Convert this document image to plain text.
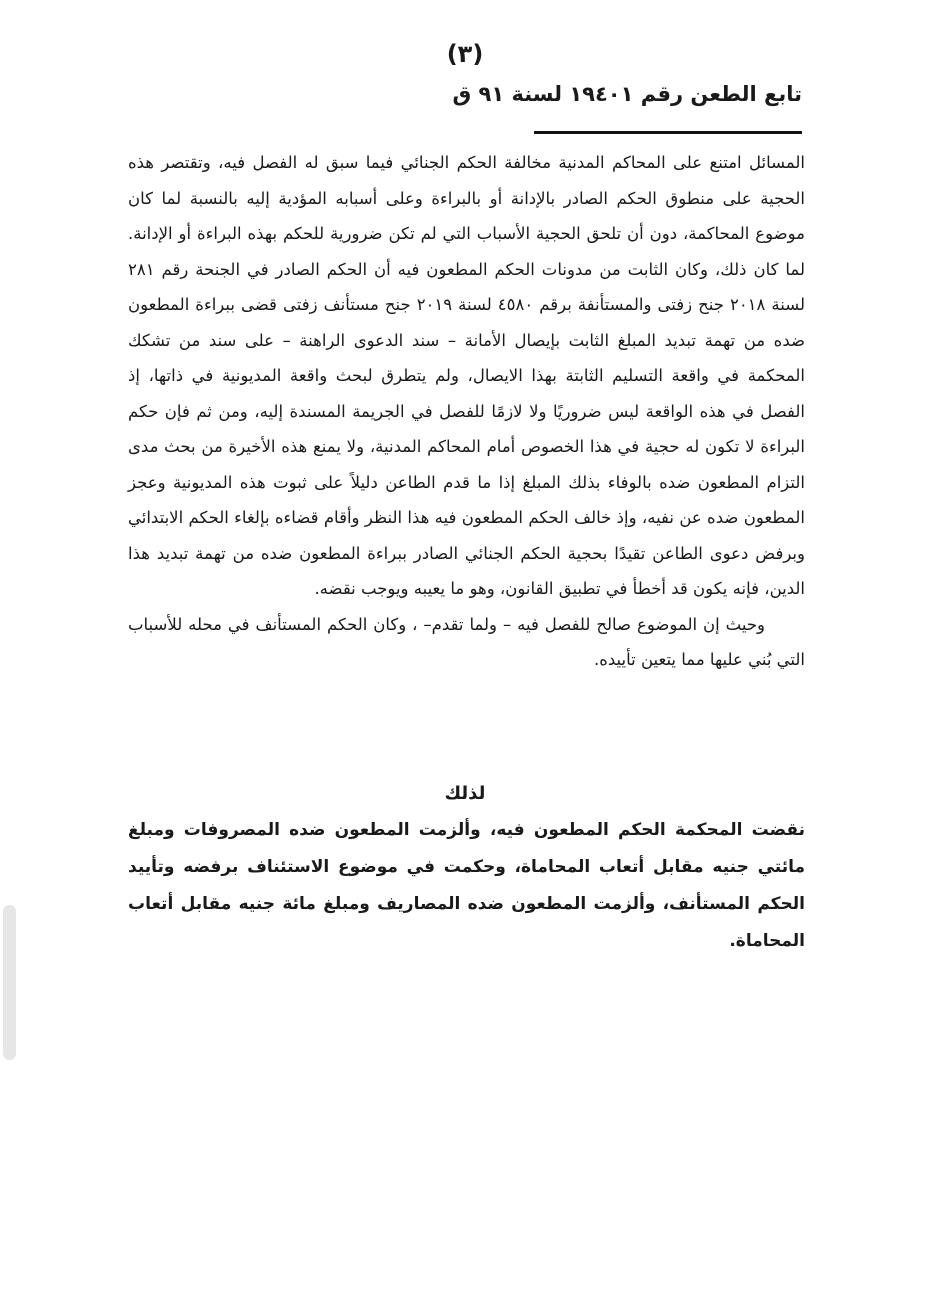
(٣)
تابع الطعن رقم ١٩٤٠١ لسنة ٩١ ق

المسائل امتنع على المحاكم المدنية مخالفة الحكم الجنائي فيما سبق له الفصل فيه، وتقتصر هذه الحجية على منطوق الحكم الصادر بالإدانة أو بالبراءة وعلى أسبابه المؤدية إليه بالنسبة لما كان موضوع المحاكمة، دون أن تلحق الحجية الأسباب التي لم تكن ضرورية للحكم بهذه البراءة أو الإدانة. لما كان ذلك، وكان الثابت من مدونات الحكم المطعون فيه أن الحكم الصادر في الجنحة رقم ٢٨١ لسنة ٢٠١٨ جنح زفتى والمستأنفة برقم ٤٥٨٠ لسنة ٢٠١٩ جنح مستأنف زفتى قضى ببراءة المطعون ضده من تهمة تبديد المبلغ الثابت بإيصال الأمانة – سند الدعوى الراهنة – على سند من تشكك المحكمة في واقعة التسليم الثابتة بهذا الايصال، ولم يتطرق لبحث واقعة المديونية في ذاتها، إذ الفصل في هذه الواقعة ليس ضروريًا ولا لازمًا للفصل في الجريمة المسندة إليه، ومن ثم فإن حكم البراءة لا تكون له حجية في هذا الخصوص أمام المحاكم المدنية، ولا يمنع هذه الأخيرة من بحث مدى التزام المطعون ضده بالوفاء بذلك المبلغ إذا ما قدم الطاعن دليلاً على ثبوت هذه المديونية وعجز المطعون ضده عن نفيه، وإذ خالف الحكم المطعون فيه هذا النظر وأقام قضاءه بإلغاء الحكم الابتدائي وبرفض دعوى الطاعن تقيدًا بحجية الحكم الجنائي الصادر ببراءة المطعون ضده من تهمة تبديد هذا الدين، فإنه يكون قد أخطأ في تطبيق القانون، وهو ما يعيبه ويوجب نقضه.

وحيث إن الموضوع صالح للفصل فيه – ولما تقدم– ، وكان الحكم المستأنف في محله للأسباب التي بُني عليها مما يتعين تأييده.

لذلك
نقضت المحكمة الحكم المطعون فيه، وألزمت المطعون ضده المصروفات ومبلغ مائتي جنيه مقابل أتعاب المحاماة، وحكمت في موضوع الاستئناف برفضه وتأييد الحكم المستأنف، وألزمت المطعون ضده المصاريف ومبلغ مائة جنيه مقابل أتعاب المحاماة.
